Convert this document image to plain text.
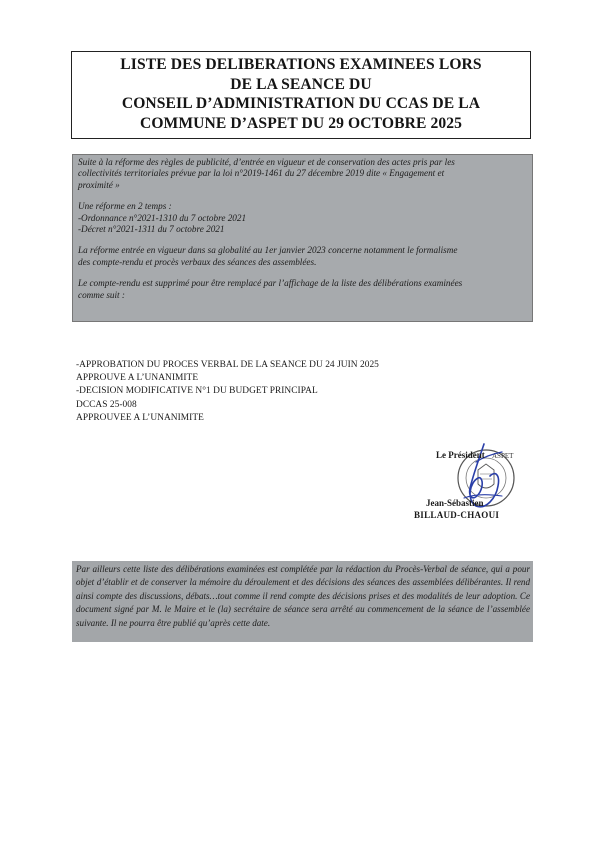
LISTE DES DELIBERATIONS EXAMINEES LORS
DE LA SEANCE DU
CONSEIL D’ADMINISTRATION DU CCAS DE LA
COMMUNE D’ASPET DU 29 OCTOBRE 2025

Suite à la réforme des règles de publicité, d’entrée en vigueur et de conservation des actes pris par les
collectivités territoriales prévue par la loi n°2019-1461 du 27 décembre 2019 dite « Engagement et
proximité »

Une réforme en 2 temps :
-Ordonnance n°2021-1310 du 7 octobre 2021
-Décret n°2021-1311 du 7 octobre 2021

La réforme entrée en vigueur dans sa globalité au 1er janvier 2023 concerne notamment le formalisme
des compte-rendu et procès verbaux des séances des assemblées.

Le compte-rendu est supprimé pour être remplacé par l’affichage de la liste des délibérations examinées
comme suit :

-APPROBATION DU PROCES VERBAL DE LA SEANCE DU 24 JUIN 2025
APPROUVE A L’UNANIMITE
-DECISION MODIFICATIVE N°1 DU BUDGET PRINCIPAL
DCCAS 25-008
APPROUVEE A L’UNANIMITE
ASPET
Le Président
Jean-Sébastien
BILLAUD-CHAOUI
Par ailleurs cette liste des délibérations examinées est complétée par la rédaction du Procès-Verbal de séance, qui a pour objet d’établir et de conserver la mémoire du déroulement et des décisions des séances des assemblées délibérantes. Il rend ainsi compte des discussions, débats…tout comme il rend compte des décisions prises et des modalités de leur adoption. Ce document signé par M. le Maire et le (la) secrétaire de séance sera arrêté au commencement de la séance de l’assemblée suivante. Il ne pourra être publié qu’après cette date.
